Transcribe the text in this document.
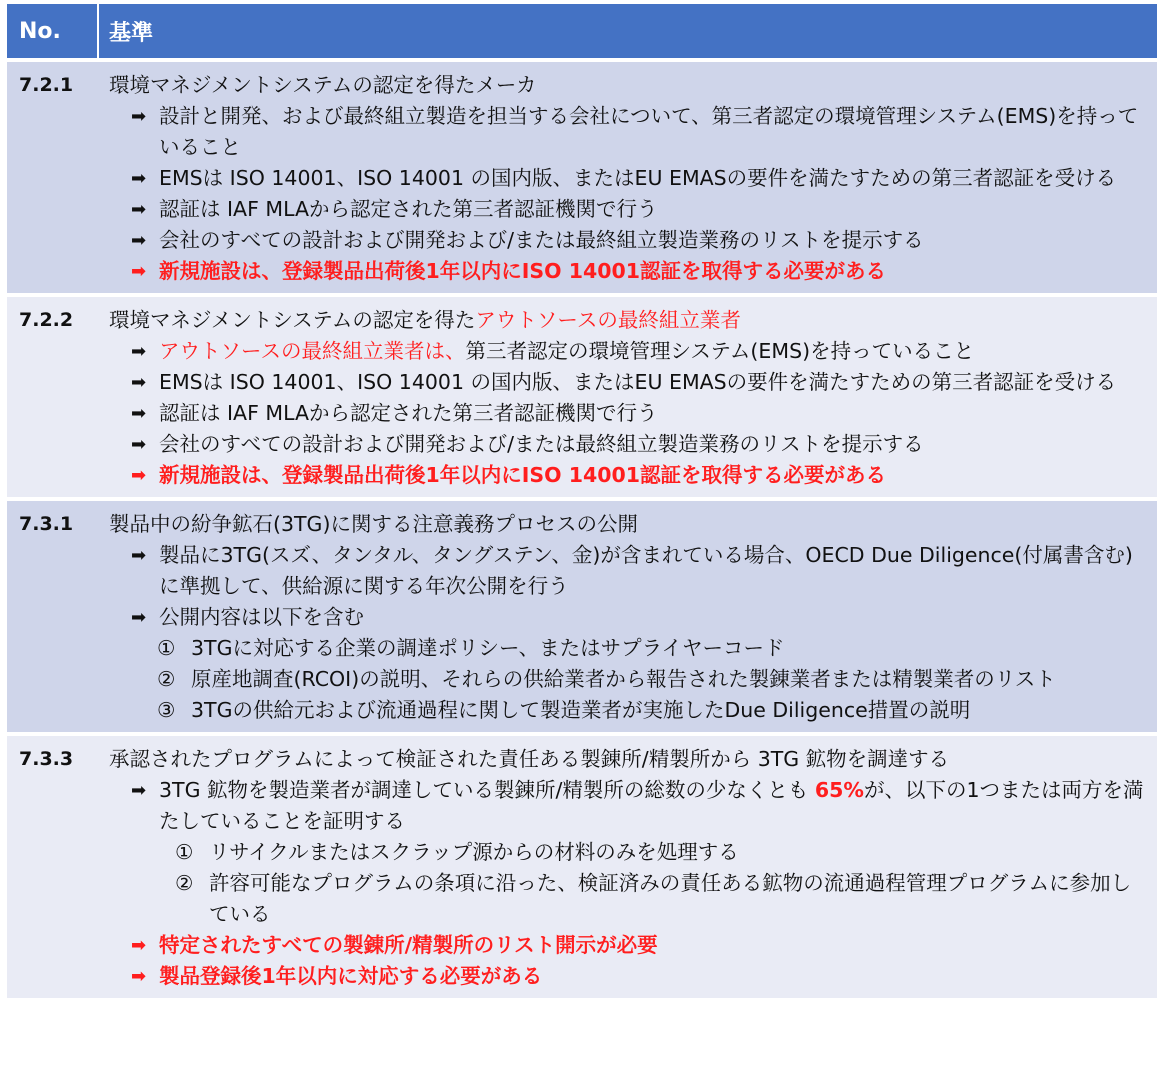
No.	基準
7.2.1	環境マネジメントシステムの認定を得たメーカ
➡ 設計と開発、および最終組立製造を担当する会社について、第三者認定の環境管理システム(EMS)を持っていること
➡ EMSは ISO 14001、ISO 14001 の国内版、またはEU EMASの要件を満たすための第三者認証を受ける
➡ 認証は IAF MLAから認定された第三者認証機関で行う
➡ 会社のすべての設計および開発および/または最終組立製造業務のリストを提示する
➡ 新規施設は、登録製品出荷後1年以内にISO 14001認証を取得する必要がある
7.2.2	環境マネジメントシステムの認定を得たアウトソースの最終組立業者
➡ アウトソースの最終組立業者は、第三者認定の環境管理システム(EMS)を持っていること
➡ EMSは ISO 14001、ISO 14001 の国内版、またはEU EMASの要件を満たすための第三者認証を受ける
➡ 認証は IAF MLAから認定された第三者認証機関で行う
➡ 会社のすべての設計および開発および/または最終組立製造業務のリストを提示する
➡ 新規施設は、登録製品出荷後1年以内にISO 14001認証を取得する必要がある
7.3.1	製品中の紛争鉱石(3TG)に関する注意義務プロセスの公開
➡ 製品に3TG(スズ、タンタル、タングステン、金)が含まれている場合、OECD Due Diligence(付属書含む)に準拠して、供給源に関する年次公開を行う
➡ 公開内容は以下を含む
① 3TGに対応する企業の調達ポリシー、またはサプライヤーコード
② 原産地調査(RCOI)の説明、それらの供給業者から報告された製錬業者または精製業者のリスト
③ 3TGの供給元および流通過程に関して製造業者が実施したDue Diligence措置の説明
7.3.3	承認されたプログラムによって検証された責任ある製錬所/精製所から 3TG 鉱物を調達する
➡ 3TG 鉱物を製造業者が調達している製錬所/精製所の総数の少なくとも 65%が、以下の1つまたは両方を満たしていることを証明する
① リサイクルまたはスクラップ源からの材料のみを処理する
② 許容可能なプログラムの条項に沿った、検証済みの責任ある鉱物の流通過程管理プログラムに参加している
➡ 特定されたすべての製錬所/精製所のリスト開示が必要
➡ 製品登録後1年以内に対応する必要がある
